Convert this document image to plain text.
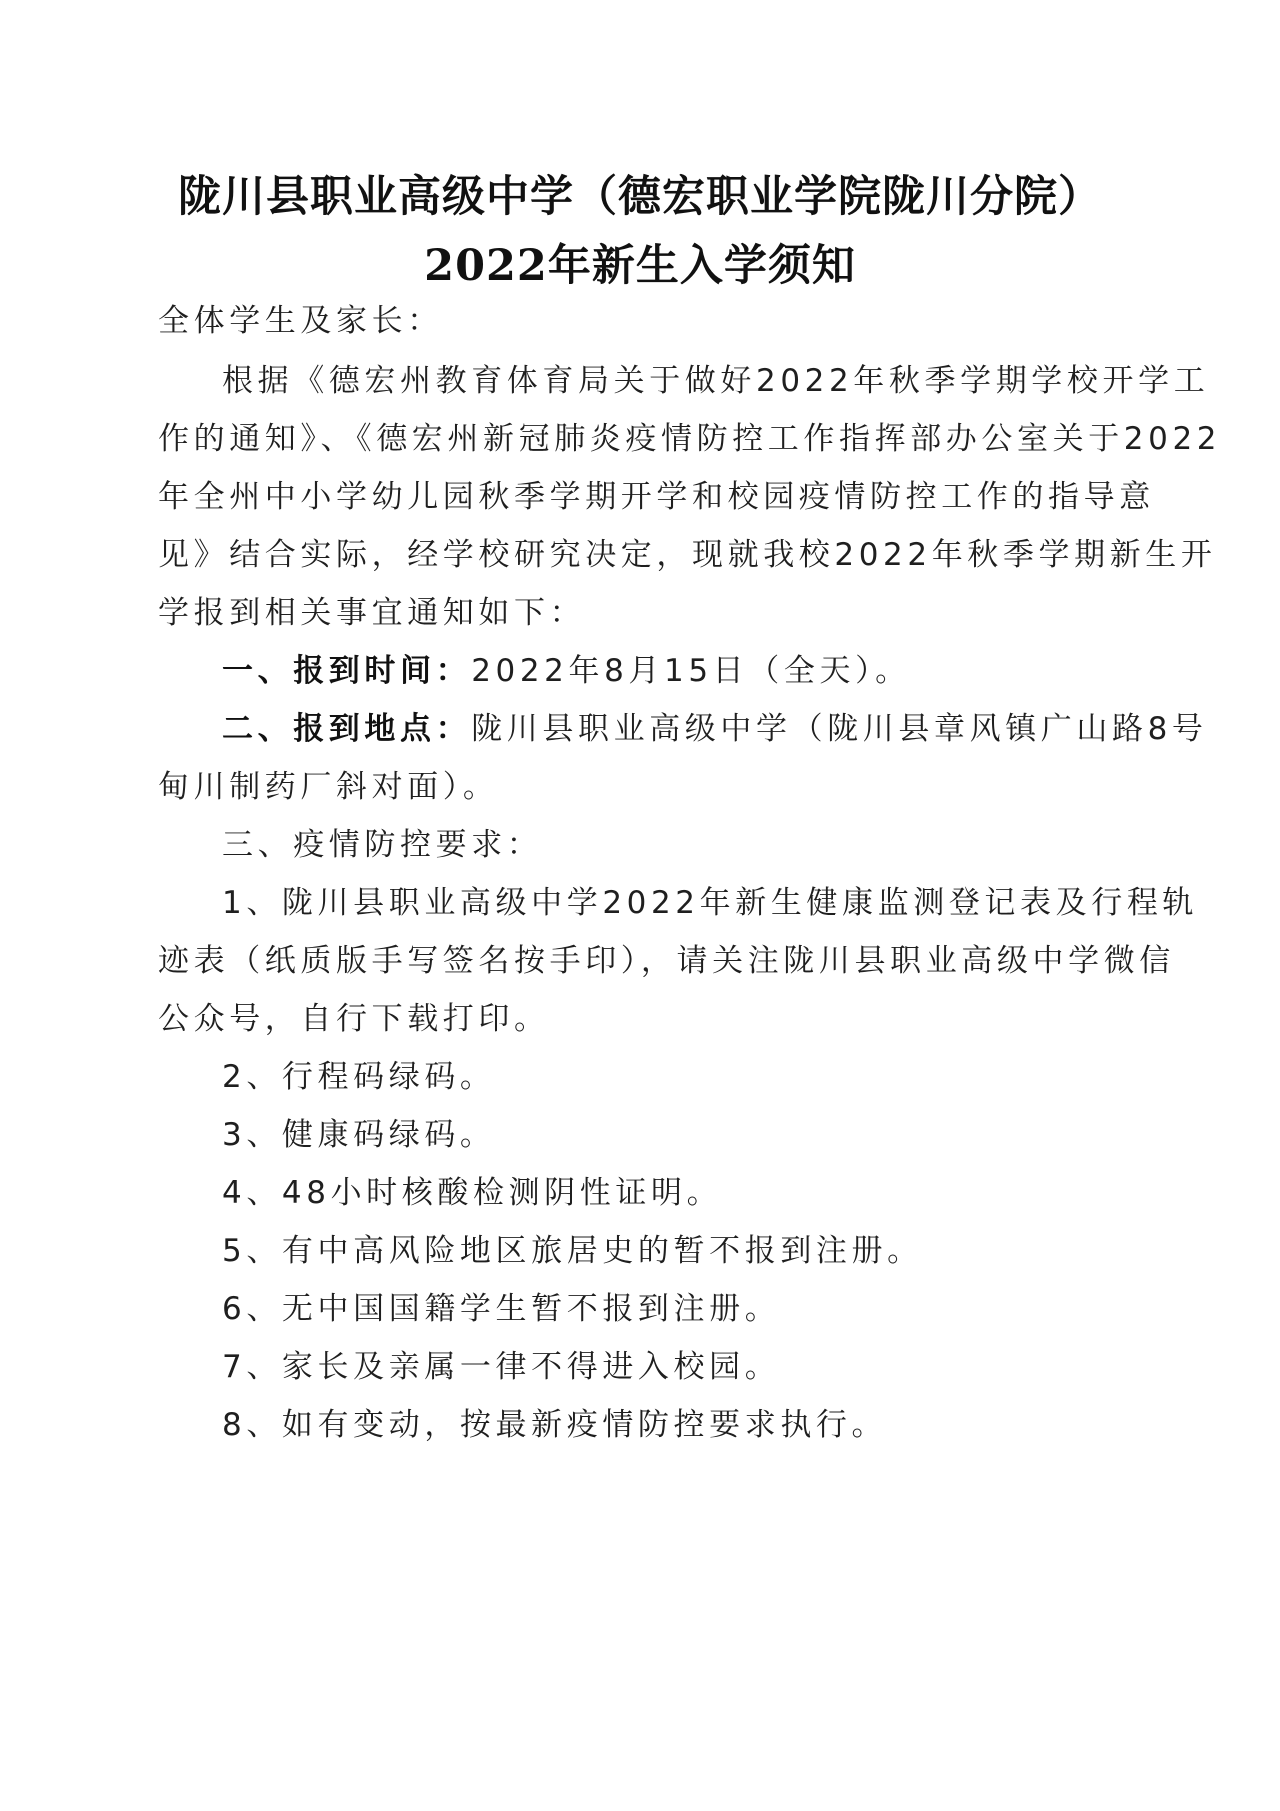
陇川县职业高级中学（德宏职业学院陇川分院）
2022年新生入学须知
全体学生及家长：
根据《德宏州教育体育局关于做好2022年秋季学期学校开学工
作的通知》、《德宏州新冠肺炎疫情防控工作指挥部办公室关于2022
年全州中小学幼儿园秋季学期开学和校园疫情防控工作的指导意
见》结合实际，经学校研究决定，现就我校2022年秋季学期新生开
学报到相关事宜通知如下：
一、报到时间：2022年8月15日（全天）。
二、报到地点：陇川县职业高级中学（陇川县章风镇广山路8号
甸川制药厂斜对面）。
三、疫情防控要求：
1、陇川县职业高级中学2022年新生健康监测登记表及行程轨
迹表（纸质版手写签名按手印），请关注陇川县职业高级中学微信
公众号，自行下载打印。
2、行程码绿码。
3、健康码绿码。
4、48小时核酸检测阴性证明。
5、有中高风险地区旅居史的暂不报到注册。
6、无中国国籍学生暂不报到注册。
7、家长及亲属一律不得进入校园。
8、如有变动，按最新疫情防控要求执行。
